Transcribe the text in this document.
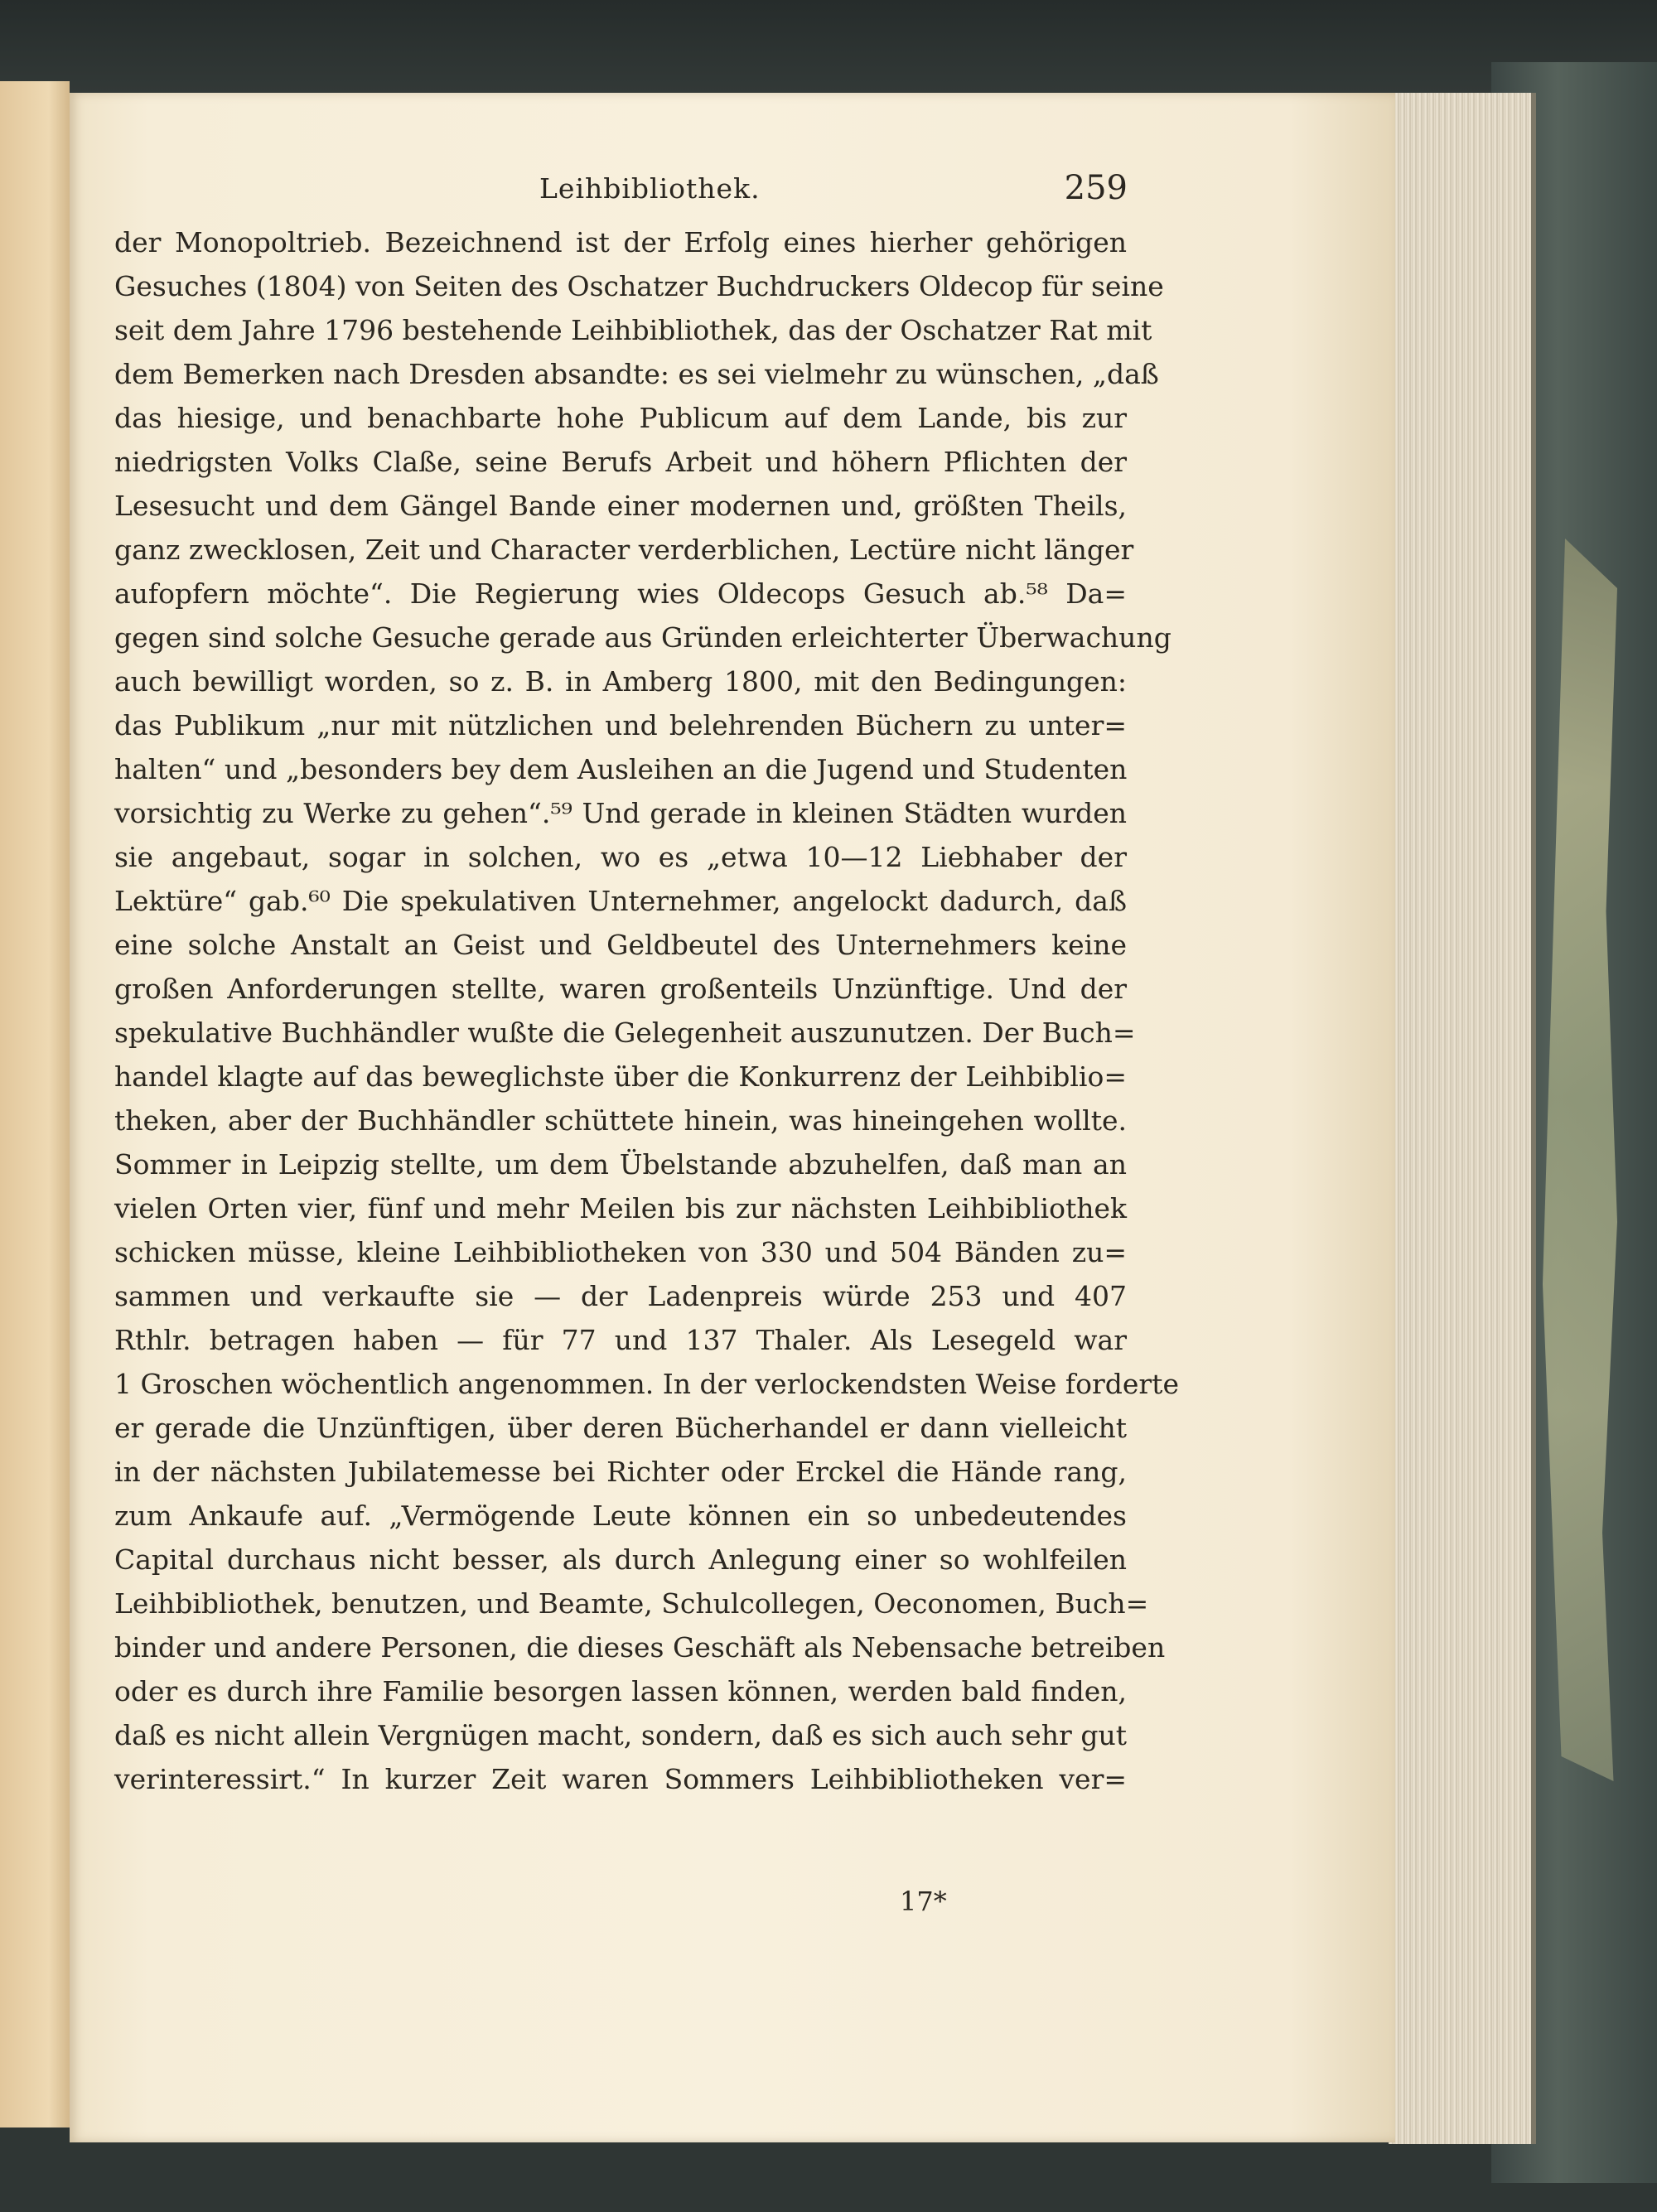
Leihbibliothek.	259
der Monopoltrieb. Bezeichnend ist der Erfolg eines hierher gehörigen
Gesuches (1804) von Seiten des Oschatzer Buchdruckers Oldecop für seine
seit dem Jahre 1796 bestehende Leihbibliothek, das der Oschatzer Rat mit
dem Bemerken nach Dresden absandte: es sei vielmehr zu wünschen, „daß
das hiesige, und benachbarte hohe Publicum auf dem Lande, bis zur
niedrigsten Volks Claße, seine Berufs Arbeit und höhern Pflichten der
Lesesucht und dem Gängel Bande einer modernen und, größten Theils,
ganz zwecklosen, Zeit und Character verderblichen, Lectüre nicht länger
aufopfern möchte“. Die Regierung wies Oldecops Gesuch ab.⁵⁸ Da=
gegen sind solche Gesuche gerade aus Gründen erleichterter Überwachung
auch bewilligt worden, so z. B. in Amberg 1800, mit den Bedingungen:
das Publikum „nur mit nützlichen und belehrenden Büchern zu unter=
halten“ und „besonders bey dem Ausleihen an die Jugend und Studenten
vorsichtig zu Werke zu gehen“.⁵⁹ Und gerade in kleinen Städten wurden
sie angebaut, sogar in solchen, wo es „etwa 10—12 Liebhaber der
Lektüre“ gab.⁶⁰ Die spekulativen Unternehmer, angelockt dadurch, daß
eine solche Anstalt an Geist und Geldbeutel des Unternehmers keine
großen Anforderungen stellte, waren großenteils Unzünftige. Und der
spekulative Buchhändler wußte die Gelegenheit auszunutzen. Der Buch=
handel klagte auf das beweglichste über die Konkurrenz der Leihbiblio=
theken, aber der Buchhändler schüttete hinein, was hineingehen wollte.
Sommer in Leipzig stellte, um dem Übelstande abzuhelfen, daß man an
vielen Orten vier, fünf und mehr Meilen bis zur nächsten Leihbibliothek
schicken müsse, kleine Leihbibliotheken von 330 und 504 Bänden zu=
sammen und verkaufte sie — der Ladenpreis würde 253 und 407
Rthlr. betragen haben — für 77 und 137 Thaler. Als Lesegeld war
1 Groschen wöchentlich angenommen. In der verlockendsten Weise forderte
er gerade die Unzünftigen, über deren Bücherhandel er dann vielleicht
in der nächsten Jubilatemesse bei Richter oder Erckel die Hände rang,
zum Ankaufe auf. „Vermögende Leute können ein so unbedeutendes
Capital durchaus nicht besser, als durch Anlegung einer so wohlfeilen
Leihbibliothek, benutzen, und Beamte, Schulcollegen, Oeconomen, Buch=
binder und andere Personen, die dieses Geschäft als Nebensache betreiben
oder es durch ihre Familie besorgen lassen können, werden bald finden,
daß es nicht allein Vergnügen macht, sondern, daß es sich auch sehr gut
verinteressirt.“ In kurzer Zeit waren Sommers Leihbibliotheken ver=
17*
